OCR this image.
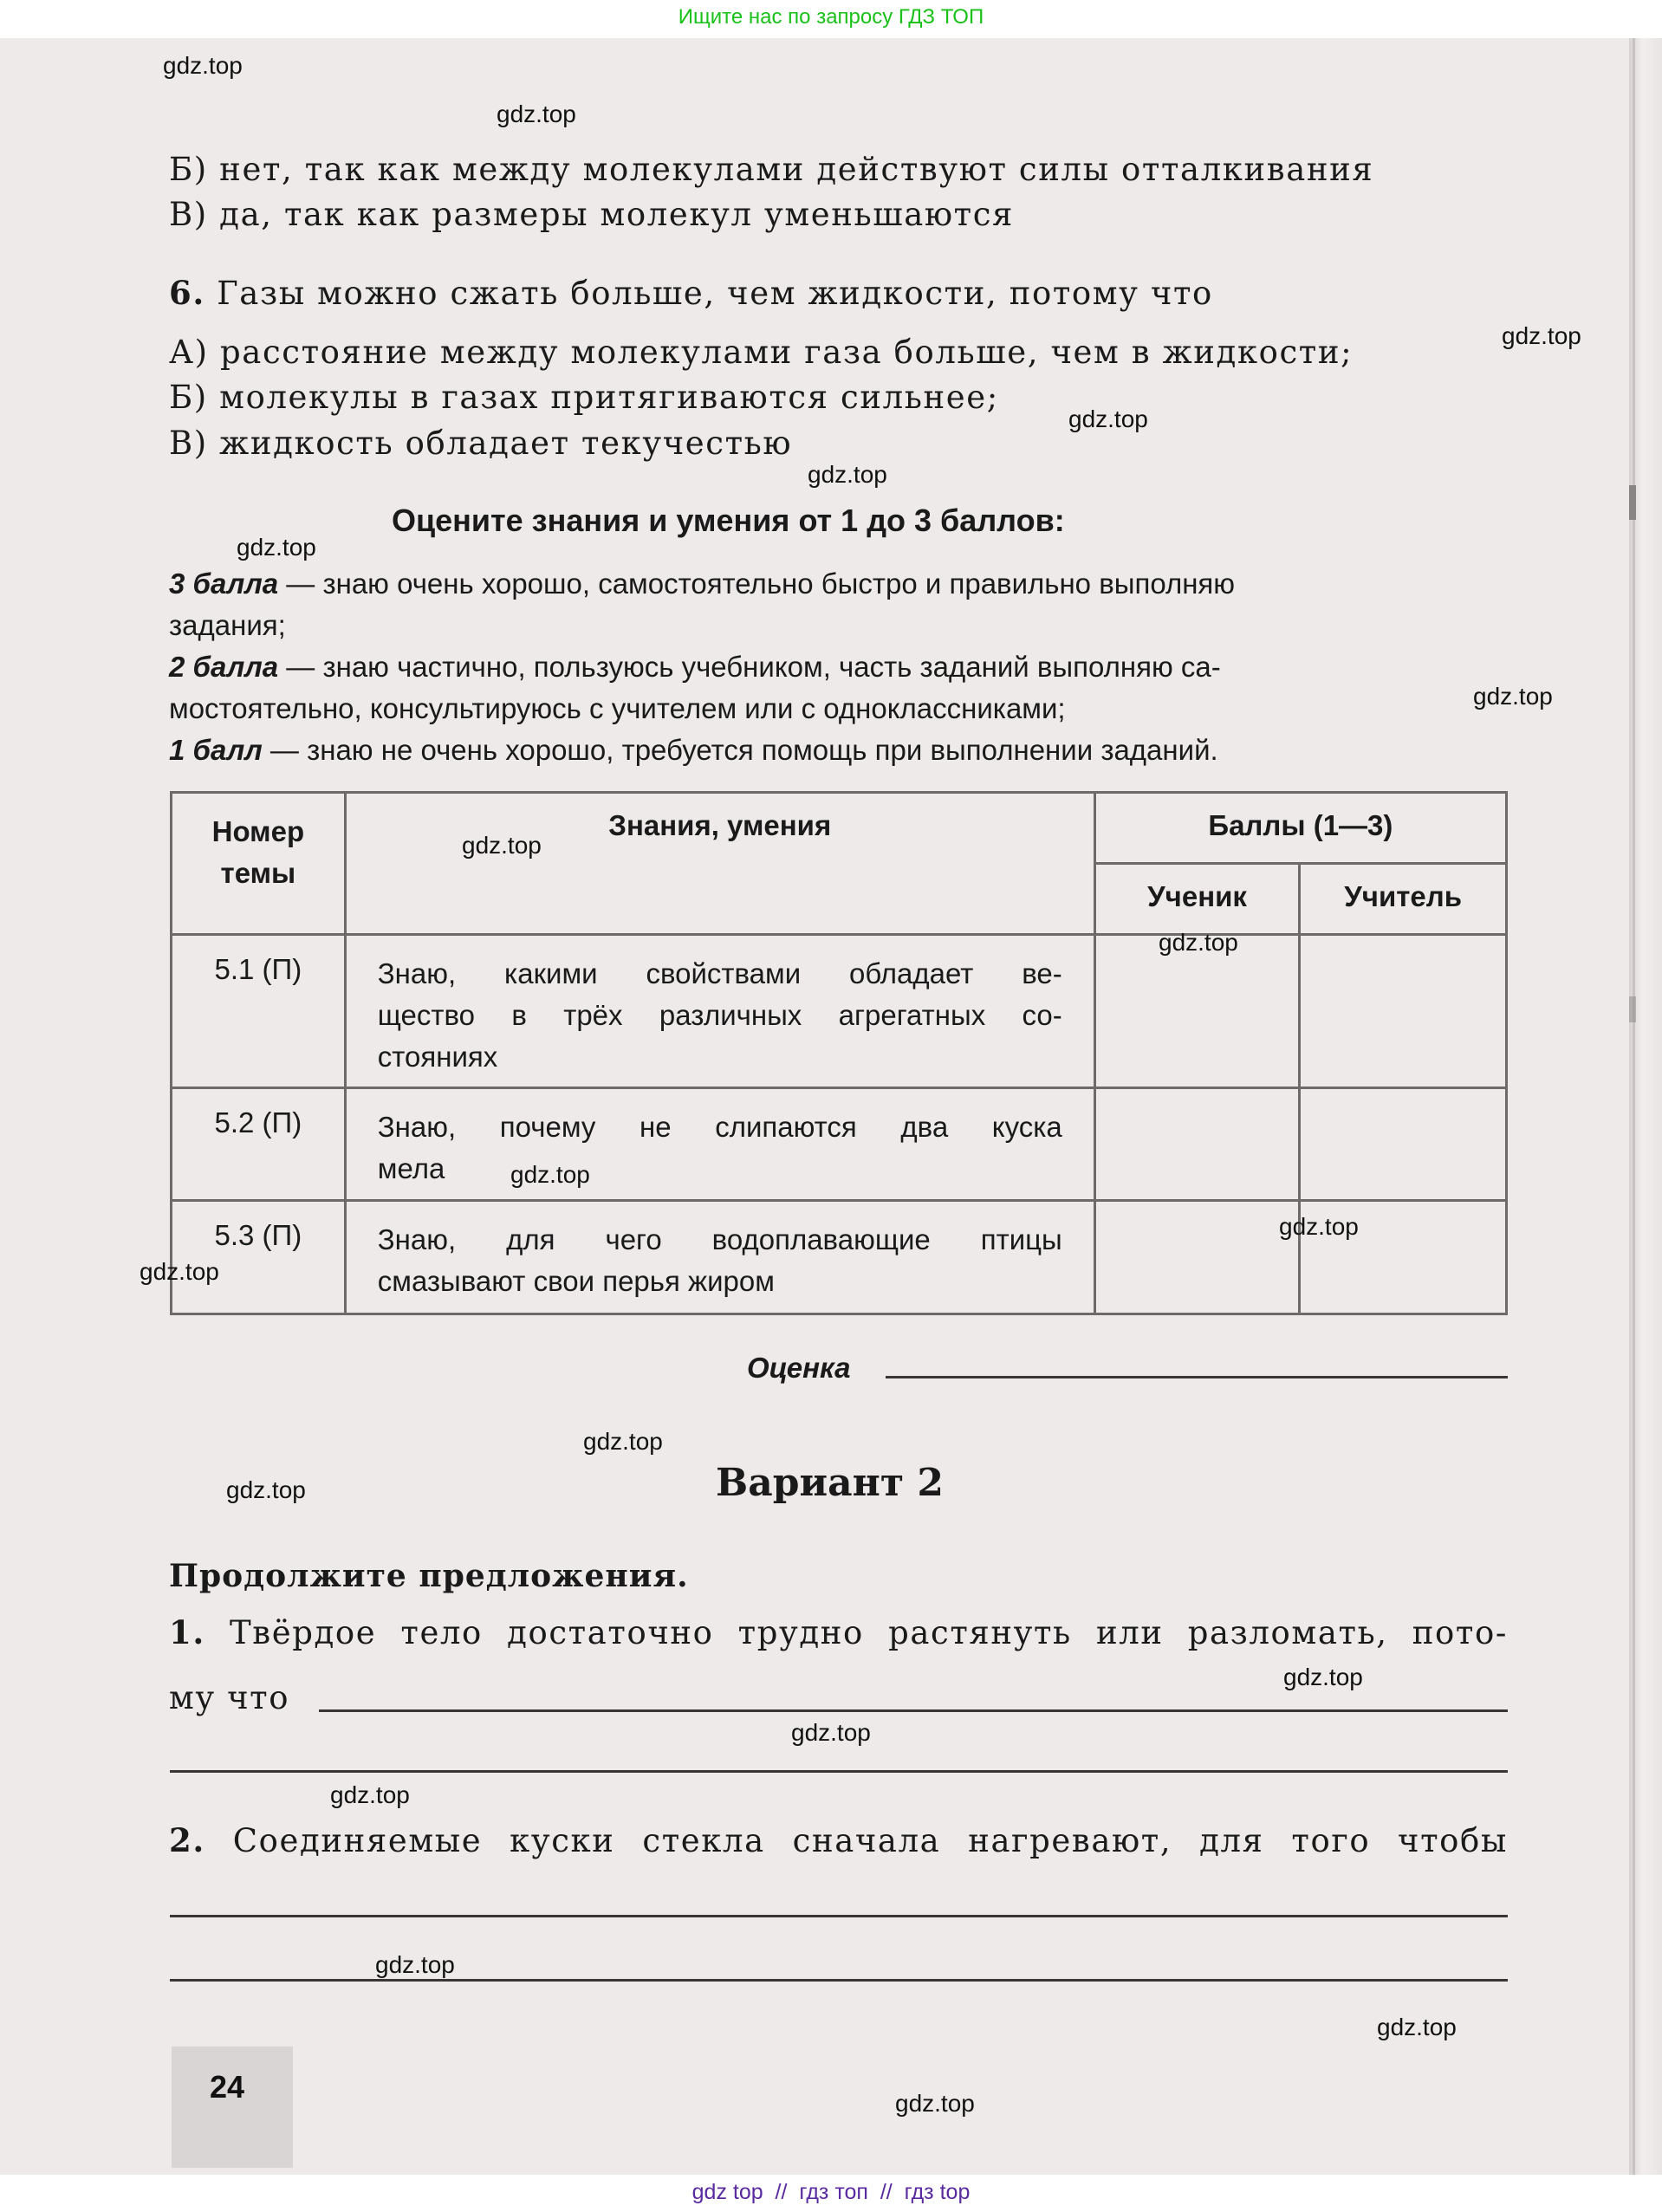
Ищите нас по запросу ГДЗ ТОП
Б) нет, так как между молекулами действуют силы отталкивания
В) да, так как размеры молекул уменьшаются
6. Газы можно сжать больше, чем жидкости, потому что
А) расстояние между молекулами газа больше, чем в жидкости;
Б) молекулы в газах притягиваются сильнее;
В) жидкость обладает текучестью
Оцените знания и умения от 1 до 3 баллов:
3 балла — знаю очень хорошо, самостоятельно быстро и правильно выполняю
задания;
2 балла — знаю частично, пользуюсь учебником, часть заданий выполняю са-
мостоятельно, консультируюсь с учителем или с одноклассниками;
1 балл — знаю не очень хорошо, требуется помощь при выполнении заданий.
Номер темы	Знания, умения	Баллы (1—3)	
		Ученик	Учитель
5.1 (П)	Знаю, какими свойствами обладает ве-
щество в трёх различных агрегатных со-
стояниях		

5.2 (П)	Знаю, почему не слипаются два куска
мела		

5.3 (П)	Знаю, для чего водоплавающие птицы
смазывают свои перья жиром		

Оценка
Вариант 2
Продолжите предложения.
1. Твёрдое тело достаточно трудно растянуть или разломать, пото-
му что
2. Соединяемые куски стекла сначала нагревают, для того чтобы
24
gdz.top
gdz.top
gdz.top
gdz.top
gdz.top
gdz.top
gdz.top
gdz.top
gdz.top
gdz.top
gdz.top
gdz.top
gdz.top
gdz.top
gdz.top
gdz.top
gdz.top
gdz.top
gdz.top
gdz.top
gdz top  //  гдз топ  //  гдз top
